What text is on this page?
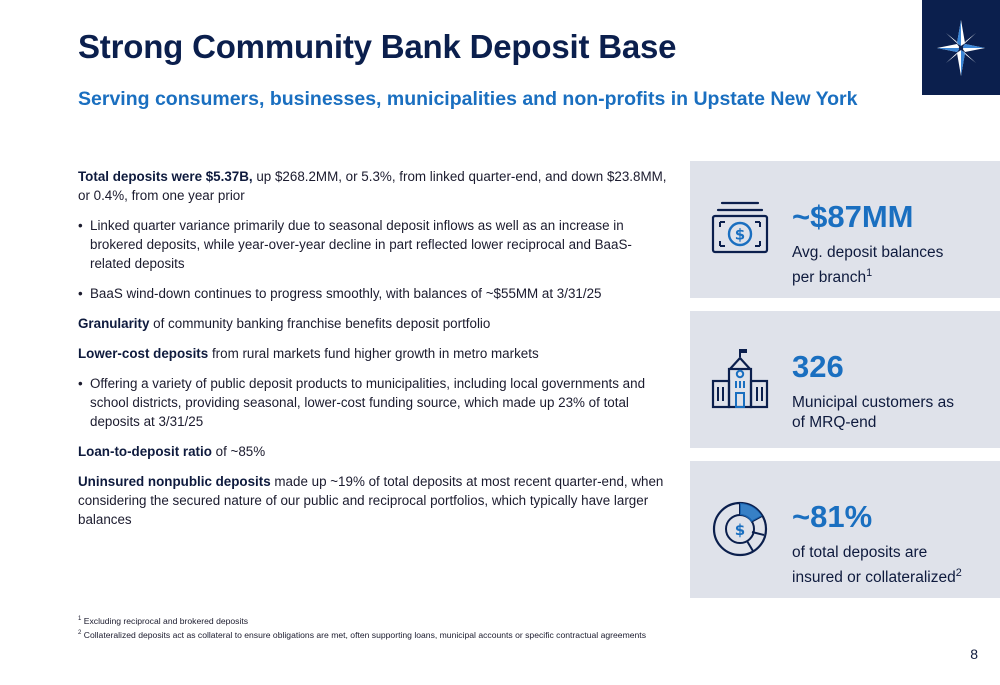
Strong Community Bank Deposit Base
Serving consumers, businesses, municipalities and non-profits in Upstate New York

Total deposits were $5.37B, up $268.2MM, or 5.3%, from linked quarter-end, and down $23.8MM, or 0.4%, from one year prior

• Linked quarter variance primarily due to seasonal deposit inflows as well as an increase in brokered deposits, while year-over-year decline in part reflected lower reciprocal and BaaS-related deposits
• BaaS wind-down continues to progress smoothly, with balances of ~$55MM at 3/31/25

Granularity of community banking franchise benefits deposit portfolio

Lower-cost deposits from rural markets fund higher growth in metro markets

• Offering a variety of public deposit products to municipalities, including local governments and school districts, providing seasonal, lower-cost funding source, which made up 23% of total deposits at 3/31/25

Loan-to-deposit ratio of ~85%

Uninsured nonpublic deposits made up ~19% of total deposits at most recent quarter-end, when considering the secured nature of our public and reciprocal portfolios, which typically have larger balances

$
~$87MM
Avg. deposit balances
per branch$^1$
326
Municipal customers as
of MRQ-end
$ ~81%
of total deposits are
insured or collateralized$^2$
$^1$ Excluding reciprocal and brokered deposits
$^2$ Collateralized deposits act as collateral to ensure obligations are met, often supporting loans, municipal accounts or specific contractual agreements
8
